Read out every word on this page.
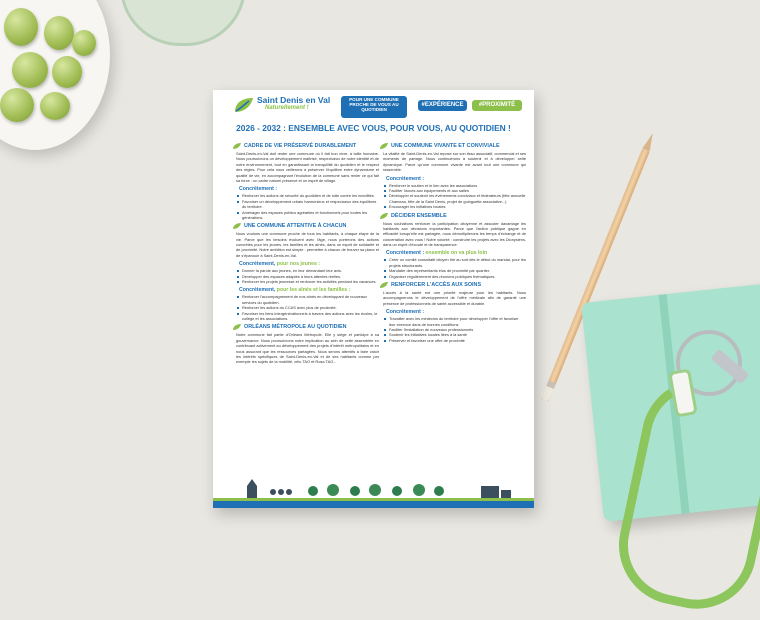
Saint Denis en Val
Naturellement !
POUR UNE COMMUNE PROCHE DE VOUS AU QUOTIDIEN
#EXPÉRIENCE	#PROXIMITÉ
2026 - 2032 : ENSEMBLE AVEC VOUS, POUR VOUS, AU QUOTIDIEN !
CADRE DE VIE PRÉSERVÉ DURABLEMENT

Saint-Denis-en-Val doit rester une commune où il fait bon vivre, à taille humaine. Nous poursuivrons un développement maîtrisé, respectueux de notre identité et de notre environnement, tout en garantissant la tranquillité du quotidien et le respect des règles. Pour cela nous veillerons à préserver l'équilibre entre dynamisme et qualité de vie, en accompagnant l'évolution de la commune sans renier ce qui fait sa force : un cadre naturel préservé et un esprit de village.

Concrètement :
Renforcer les actions de sécurité du quotidien et de lutte contre les incivilités.
Favoriser un développement urbain harmonieux et respectueux des équilibres du territoire.
Aménager des espaces publics agréables et fonctionnels pour toutes les générations.
UNE COMMUNE ATTENTIVE À CHACUN

Nous voulons une commune proche de tous les habitants, à chaque étape de la vie. Parce que les besoins évoluent avec l'âge, nous porterons des actions concrètes pour les jeunes, les familles et les aînés, dans un esprit de solidarité et de proximité. Notre ambition est simple : permettre à chacun de trouver sa place et de s'épanouir à Saint-Denis-en-Val.

Concrètement, pour nos jeunes :
Donner la parole aux jeunes, en leur demandant leur avis.
Développer des espaces adaptés à leurs attentes réelles.
Renforcer les projets jeunesse et renforcer les activités pendant les vacances.
Concrètement, pour les aînés et les familles :
Renforcer l'accompagnement de nos aînés en développant de nouveaux services du quotidien.
Renforcer les actions du CCAS avec plus de proximité.
Favoriser les liens intergénérationnels à travers des actions avec les écoles, le collège et les associations.
ORLÉANS MÉTROPOLE AU QUOTIDIEN

Notre commune fait partie d'Orléans Métropole. Elle y siège et participe à sa gouvernance. Nous poursuivrons notre implication au sein de cette assemblée en contribuant activement au développement des projets d'intérêt métropolitains et en nous assurant que les ressources partagées. Nous serons attentifs à faire valoir les intérêts spécifiques de Saint-Denis-en-Val et de ses habitants comme par exemple les sujets de la mobilité, vélo TAO et Rosa TAO...

UNE COMMUNE VIVANTE ET CONVIVIALE

La vitalité de Saint-Denis-en-Val repose sur son tissu associatif, commercial et ses moments de partage. Nous continuerons à soutenir et à développer cette dynamique. Parce qu'une commune vivante est avant tout une commune qui rassemble.

Concrètement :
Renforcer le soutien et le lien avec les associations
Faciliter l'accès aux équipements et aux salles
Développer et soutenir les évènements conviviaux et fédérateurs (fête annuelle Chameau, fête de la Saint Denis, projet de guinguette associative...)
Encourager les initiatives locales
DÉCIDER ENSEMBLE

Nous souhaitons renforcer la participation citoyenne et associer davantage les habitants aux décisions importantes. Parce que l'action publique gagne en efficacité lorsqu'elle est partagée, nous démultiplierons les temps d'échange et de concertation avec vous ! Notre volonté : construire les projets avec les Dionysiens, dans un esprit d'écoute et de transparence.

Concrètement : ensemble on va plus loin
Créer un comité consultatif citoyen tiré au sort dès le début du mandat, pour les projets structurants.
Mandater des représentants élus de proximité par quartier.
Organiser régulièrement des réunions publiques thématiques.
RENFORCER L'ACCÈS AUX SOINS

L'accès à la santé est une priorité majeure pour les habitants. Nous accompagnerons le développement de l'offre médicale afin de garantir une présence de professionnels de santé accessible et durable.

Concrètement :
Travailler avec les médecins du territoire pour développer l'offre et favoriser leur exercice dans de bonnes conditions
Faciliter l'installation de nouveaux professionnels
Soutenir les initiatives locales liées à la santé
Préserver et favoriser une offre de proximité
